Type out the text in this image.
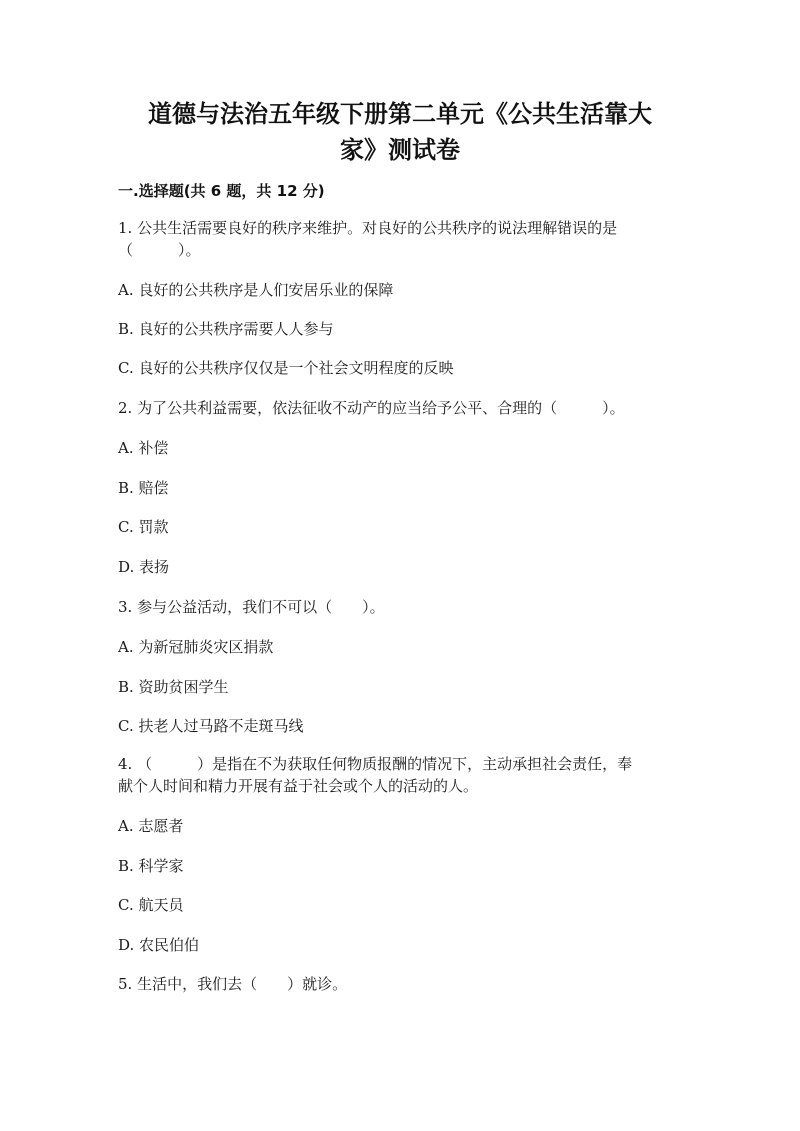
道德与法治五年级下册第二单元《公共生活靠大
家》测试卷
一.选择题(共 6 题，共 12 分)
1. 公共生活需要良好的秩序来维护。对良好的公共秩序的说法理解错误的是
（　　　）。
A. 良好的公共秩序是人们安居乐业的保障
B. 良好的公共秩序需要人人参与
C. 良好的公共秩序仅仅是一个社会文明程度的反映
2. 为了公共利益需要，依法征收不动产的应当给予公平、合理的（　　　）。
A. 补偿
B. 赔偿
C. 罚款
D. 表扬
3. 参与公益活动，我们不可以（　　）。
A. 为新冠肺炎灾区捐款
B. 资助贫困学生
C. 扶老人过马路不走斑马线
4. （　　　）是指在不为获取任何物质报酬的情况下，主动承担社会责任，奉
献个人时间和精力开展有益于社会或个人的活动的人。
A. 志愿者
B. 科学家
C. 航天员
D. 农民伯伯
5. 生活中，我们去（　　）就诊。
